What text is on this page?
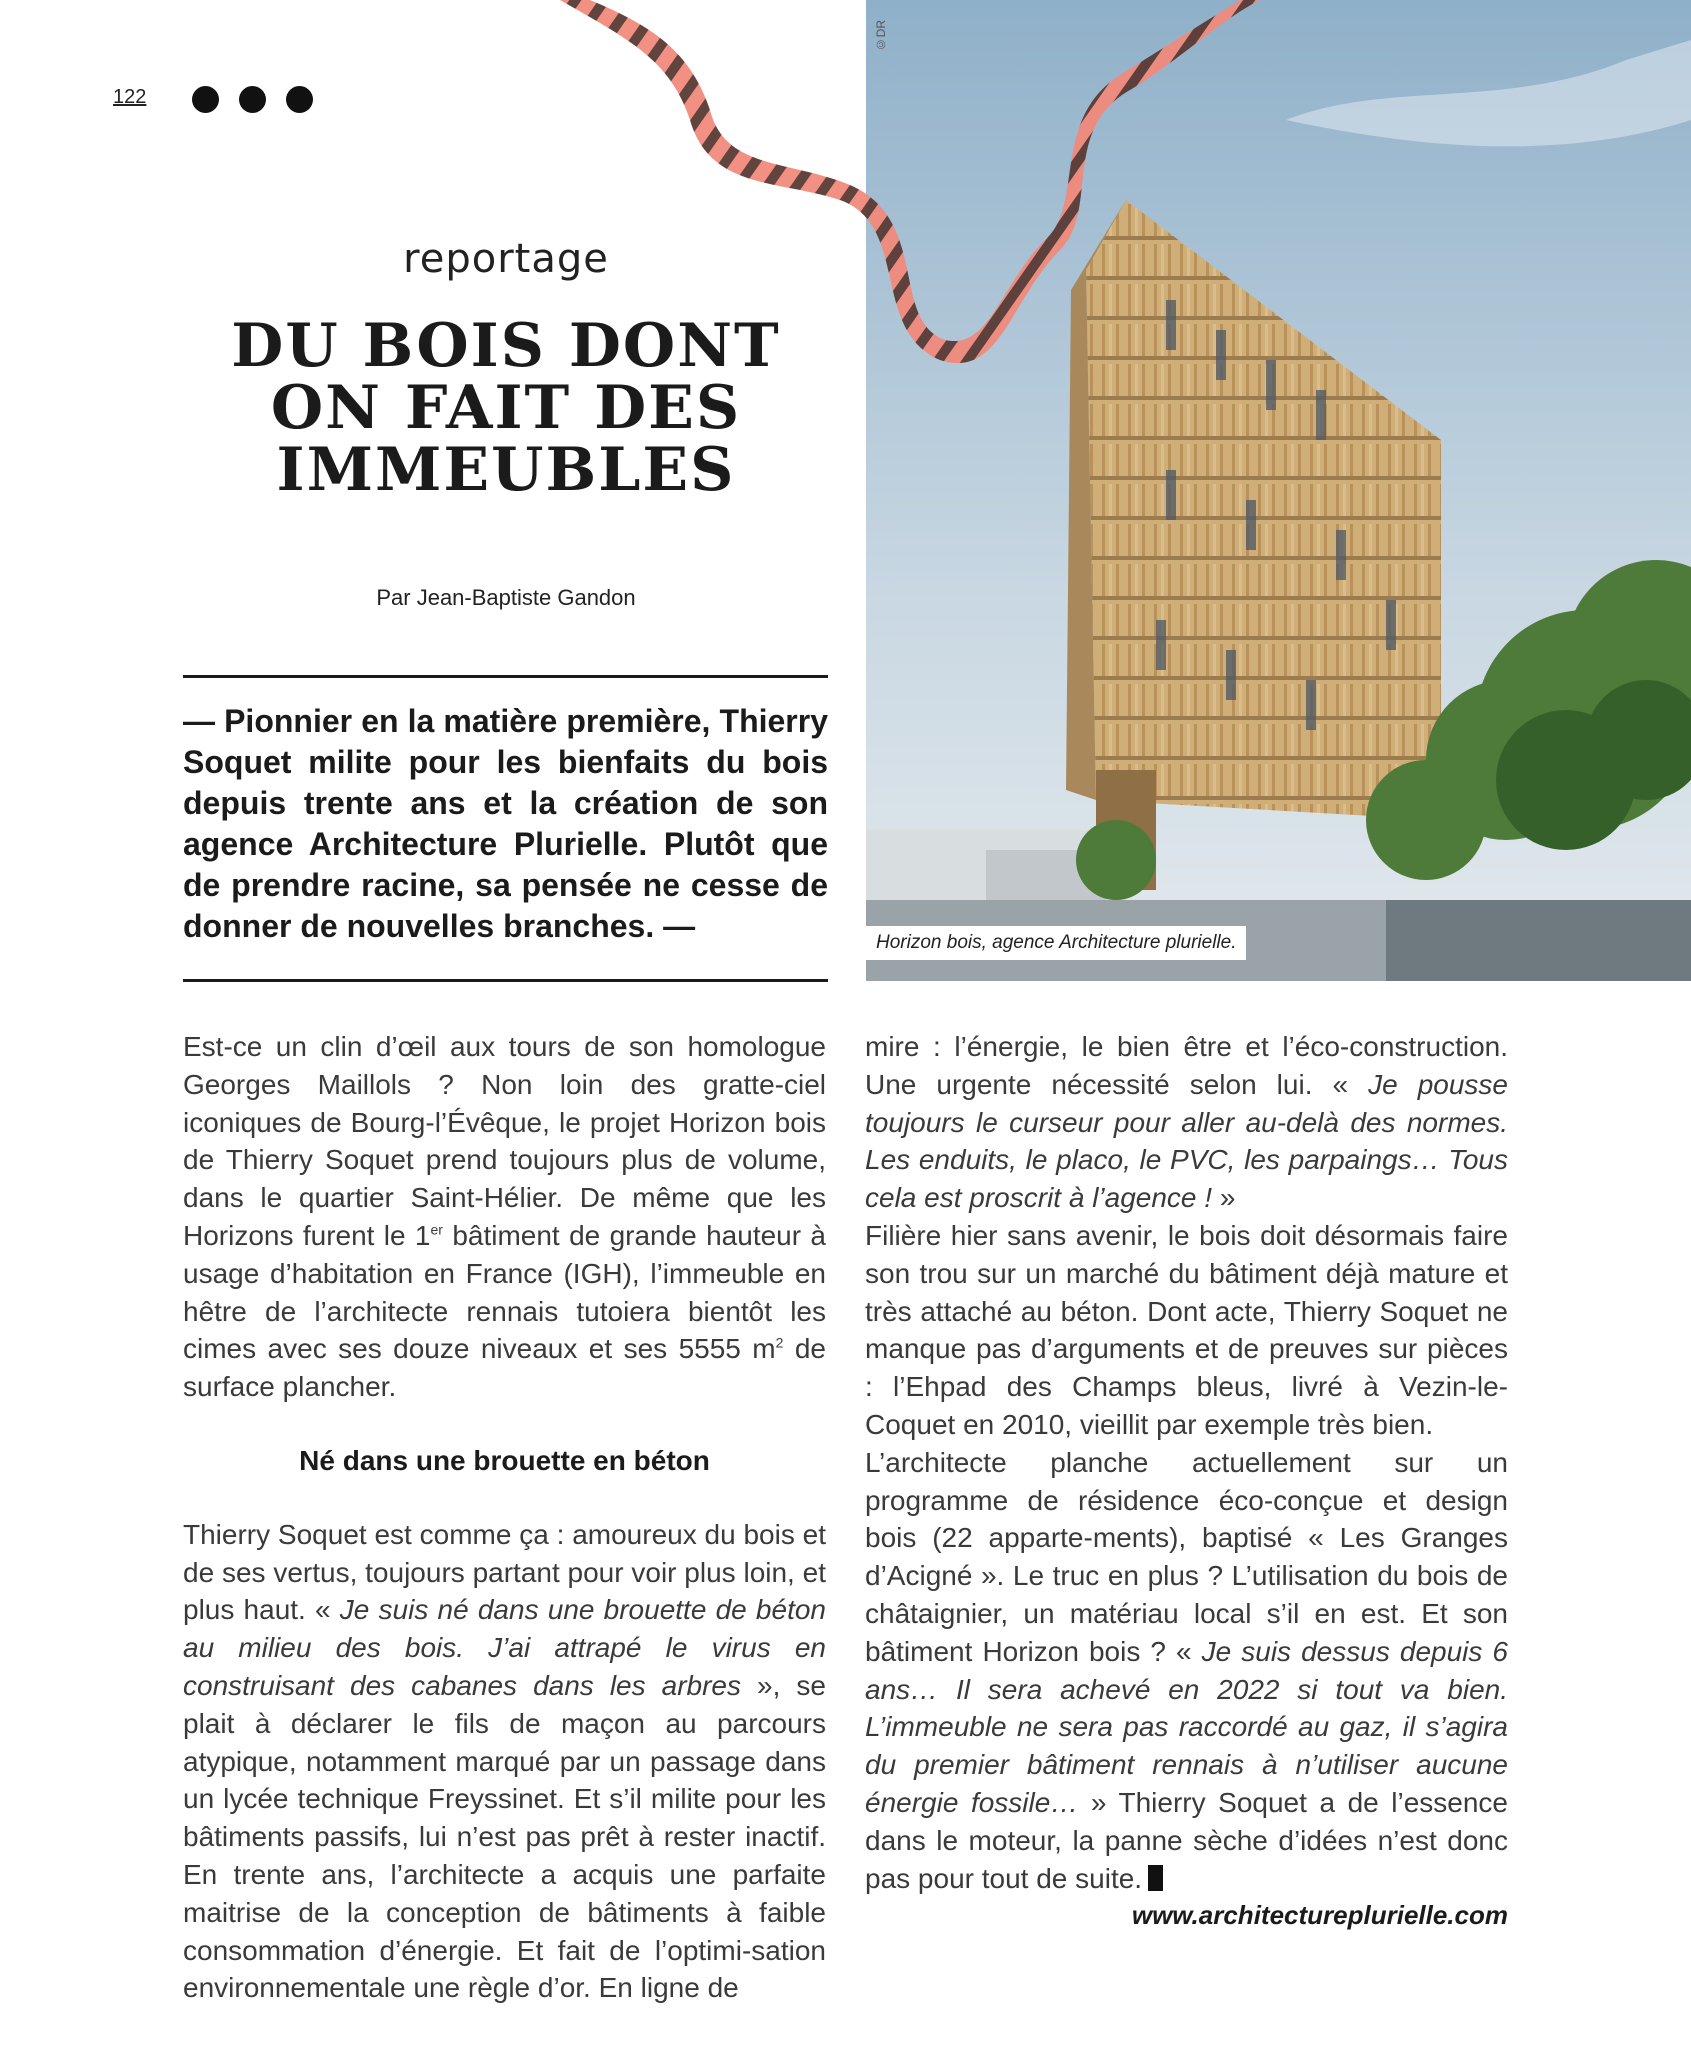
122
©DR
Horizon bois, agence Architecture plurielle.
reportage
DU BOIS DONT ON FAIT DES IMMEUBLES
Par Jean-Baptiste Gandon

— Pionnier en la matière première, Thierry Soquet milite pour les bienfaits du bois depuis trente ans et la création de son agence Architecture Plurielle. Plutôt que de prendre racine, sa pensée ne cesse de donner de nouvelles branches. —

Est-ce un clin d’œil aux tours de son homologue Georges Maillols ? Non loin des gratte-ciel iconiques de Bourg-l’Évêque, le projet Horizon bois de Thierry Soquet prend toujours plus de volume, dans le quartier Saint-Hélier. De même que les Horizons furent le 1er bâtiment de grande hauteur à usage d’habitation en France (IGH), l’immeuble en hêtre de l’architecte rennais tutoiera bientôt les cimes avec ses douze niveaux et ses 5555 $m^2$ de surface plancher.

Né dans une brouette en béton

Thierry Soquet est comme ça : amoureux du bois et de ses vertus, toujours partant pour voir plus loin, et plus haut. « Je suis né dans une brouette de béton au milieu des bois. J’ai attrapé le virus en construisant des cabanes dans les arbres », se plait à déclarer le fils de maçon au parcours atypique, notamment marqué par un passage dans un lycée technique Freyssinet. Et s’il milite pour les bâtiments passifs, lui n’est pas prêt à rester inactif. En trente ans, l’architecte a acquis une parfaite maitrise de la conception de bâtiments à faible consommation d’énergie. Et fait de l’optimi-sation environnementale une règle d’or. En ligne de

mire : l’énergie, le bien être et l’éco-construction. Une urgente nécessité selon lui. « Je pousse toujours le curseur pour aller au-delà des normes. Les enduits, le placo, le PVC, les parpaings… Tous cela est proscrit à l’agence ! »

Filière hier sans avenir, le bois doit désormais faire son trou sur un marché du bâtiment déjà mature et très attaché au béton. Dont acte, Thierry Soquet ne manque pas d’arguments et de preuves sur pièces : l’Ehpad des Champs bleus, livré à Vezin-le-Coquet en 2010, vieillit par exemple très bien.

L’architecte planche actuellement sur un programme de résidence éco-conçue et design bois (22 apparte-ments), baptisé « Les Granges d’Acigné ». Le truc en plus ? L’utilisation du bois de châtaignier, un matériau local s’il en est. Et son bâtiment Horizon bois ? « Je suis dessus depuis 6 ans… Il sera achevé en 2022 si tout va bien. L’immeuble ne sera pas raccordé au gaz, il s’agira du premier bâtiment rennais à n’utiliser aucune énergie fossile… » Thierry Soquet a de l’essence dans le moteur, la panne sèche d’idées n’est donc pas pour tout de suite.

www.architectureplurielle.com
